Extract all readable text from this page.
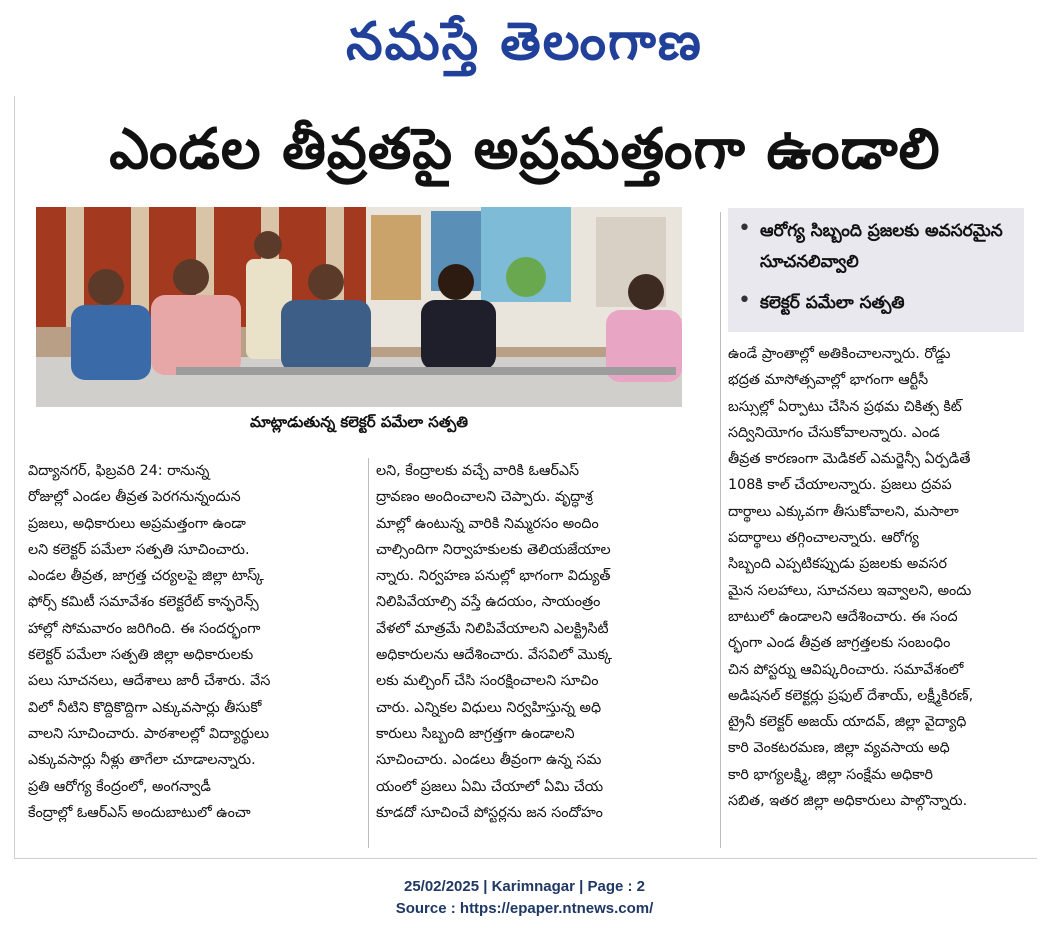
నమస్తే తెలంగాణ
ఎండల తీవ్రతపై అప్రమత్తంగా ఉండాలి
మాట్లాడుతున్న కలెక్టర్ పమేలా సత్పతి
• ఆరోగ్య సిబ్బంది ప్రజలకు అవసరమైన సూచనలివ్వాలి
• కలెక్టర్ పమేలా సత్పతి
విద్యానగర్, ఫిబ్రవరి 24: రానున్న
రోజుల్లో ఎండల తీవ్రత పెరగనున్నందున
ప్రజలు, అధికారులు అప్రమత్తంగా ఉండా
లని కలెక్టర్ పమేలా సత్పతి సూచించారు.
ఎండల తీవ్రత, జాగ్రత్త చర్యలపై జిల్లా టాస్క్
ఫోర్స్ కమిటీ సమావేశం కలెక్టరేట్ కాన్ఫరెన్స్
హాల్లో సోమవారం జరిగింది. ఈ సందర్భంగా
కలెక్టర్ పమేలా సత్పతి జిల్లా అధికారులకు
పలు సూచనలు, ఆదేశాలు జారీ చేశారు. వేస
విలో నీటిని కొద్దికొద్దిగా ఎక్కువసార్లు తీసుకో
వాలని సూచించారు. పాఠశాలల్లో విద్యార్థులు
ఎక్కువసార్లు నీళ్లు తాగేలా చూడాలన్నారు.
ప్రతి ఆరోగ్య కేంద్రంలో, అంగన్వాడీ
కేంద్రాల్లో ఓఆర్ఎస్ అందుబాటులో ఉంచా
లని, కేంద్రాలకు వచ్చే వారికి ఓఆర్ఎస్
ద్రావణం అందించాలని చెప్పారు. వృద్ధాశ్ర
మాల్లో ఉంటున్న వారికి నిమ్మరసం అందిం
చాల్సిందిగా నిర్వాహకులకు తెలియజేయాల
న్నారు. నిర్వహణ పనుల్లో భాగంగా విద్యుత్
నిలిపివేయాల్సి వస్తే ఉదయం, సాయంత్రం
వేళలో మాత్రమే నిలిపివేయాలని ఎలక్ట్రిసిటీ
అధికారులను ఆదేశించారు. వేసవిలో మొక్క
లకు మల్చింగ్ చేసి సంరక్షించాలని సూచిం
చారు. ఎన్నికల విధులు నిర్వహిస్తున్న అధి
కారులు సిబ్బంది జాగ్రత్తగా ఉండాలని
సూచించారు. ఎండలు తీవ్రంగా ఉన్న సమ
యంలో ప్రజలు ఏమి చేయాలో ఏమి చేయ
కూడదో సూచించే పోస్టర్లను జన సందోహం
ఉండే ప్రాంతాల్లో అతికించాలన్నారు. రోడ్డు
భద్రత మాసోత్సవాల్లో భాగంగా ఆర్టీసీ
బస్సుల్లో ఏర్పాటు చేసిన ప్రథమ చికిత్స కిట్
సద్వినియోగం చేసుకోవాలన్నారు. ఎండ
తీవ్రత కారణంగా మెడికల్ ఎమర్జెన్సీ ఏర్పడితే
108కి కాల్ చేయాలన్నారు. ప్రజలు ద్రవప
దార్థాలు ఎక్కువగా తీసుకోవాలని, మసాలా
పదార్థాలు తగ్గించాలన్నారు. ఆరోగ్య
సిబ్బంది ఎప్పటికప్పుడు ప్రజలకు అవసర
మైన సలహాలు, సూచనలు ఇవ్వాలని, అందు
బాటులో ఉండాలని ఆదేశించారు. ఈ సంద
ర్భంగా ఎండ తీవ్రత జాగ్రత్తలకు సంబంధిం
చిన పోస్టర్ను ఆవిష్కరించారు. సమావేశంలో
అడిషనల్ కలెక్టర్లు ప్రఫుల్ దేశాయ్, లక్ష్మీకిరణ్,
ట్రైనీ కలెక్టర్ అజయ్ యాదవ్, జిల్లా వైద్యాధి
కారి వెంకటరమణ, జిల్లా వ్యవసాయ అధి
కారి భాగ్యలక్ష్మి, జిల్లా సంక్షేమ అధికారి
సబిత, ఇతర జిల్లా అధికారులు పాల్గొన్నారు.
25/02/2025 | Karimnagar | Page : 2
Source : https://epaper.ntnews.com/
